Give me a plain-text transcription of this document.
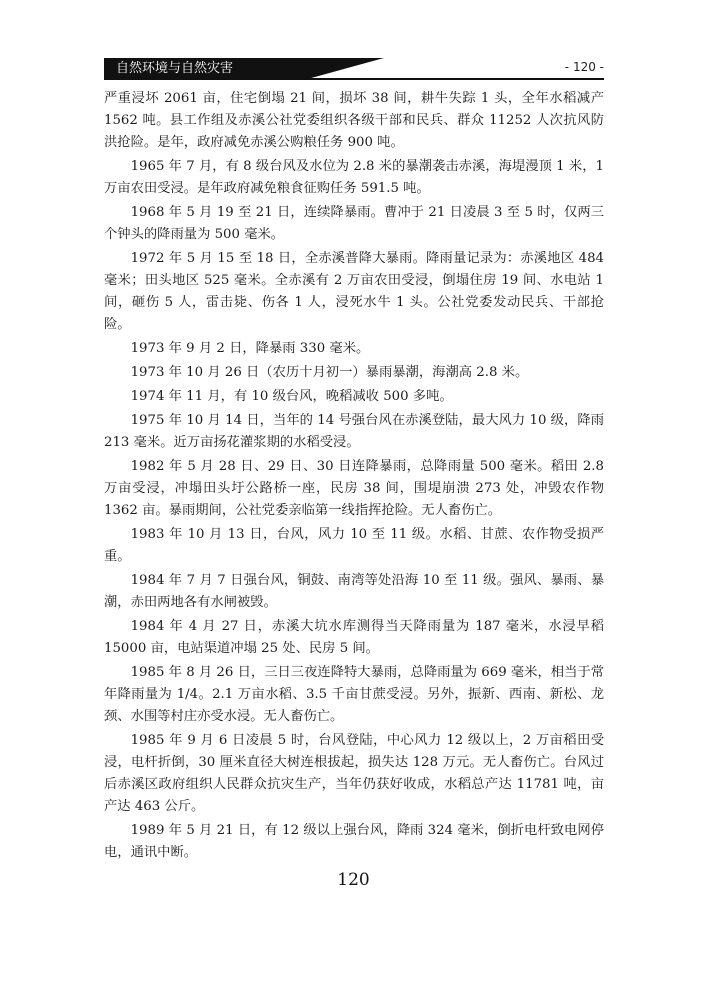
自然环境与自然灾害	- 120 -

严重浸坏 2061 亩，住宅倒塌 21 间，损坏 38 间，耕牛失踪 1 头，全年水稻减产 1562 吨。县工作组及赤溪公社党委组织各级干部和民兵、群众 11252 人次抗风防洪抢险。是年，政府减免赤溪公购粮任务 900 吨。

1965 年 7 月，有 8 级台风及水位为 2.8 米的暴潮袭击赤溪，海堤漫顶 1 米，1 万亩农田受浸。是年政府减免粮食征购任务 591.5 吨。

1968 年 5 月 19 至 21 日，连续降暴雨。曹冲于 21 日凌晨 3 至 5 时，仅两三个钟头的降雨量为 500 毫米。

1972 年 5 月 15 至 18 日，全赤溪普降大暴雨。降雨量记录为：赤溪地区 484 毫米；田头地区 525 毫米。全赤溪有 2 万亩农田受浸，倒塌住房 19 间、水电站 1 间，砸伤 5 人，雷击毙、伤各 1 人，浸死水牛 1 头。公社党委发动民兵、干部抢险。

1973 年 9 月 2 日，降暴雨 330 毫米。

1973 年 10 月 26 日（农历十月初一）暴雨暴潮，海潮高 2.8 米。

1974 年 11 月，有 10 级台风，晚稻减收 500 多吨。

1975 年 10 月 14 日，当年的 14 号强台风在赤溪登陆，最大风力 10 级，降雨 213 毫米。近万亩扬花灌浆期的水稻受浸。

1982 年 5 月 28 日、29 日、30 日连降暴雨，总降雨量 500 毫米。稻田 2.8 万亩受浸，冲塌田头圩公路桥一座，民房 38 间，围堤崩溃 273 处，冲毁农作物 1362 亩。暴雨期间，公社党委亲临第一线指挥抢险。无人畜伤亡。

1983 年 10 月 13 日，台风，风力 10 至 11 级。水稻、甘蔗、农作物受损严重。

1984 年 7 月 7 日强台风，铜鼓、南湾等处沿海 10 至 11 级。强风、暴雨、暴潮，赤田两地各有水闸被毁。

1984 年 4 月 27 日，赤溪大坑水库测得当天降雨量为 187 毫米，水浸早稻 15000 亩，电站渠道冲塌 25 处、民房 5 间。

1985 年 8 月 26 日，三日三夜连降特大暴雨，总降雨量为 669 毫米，相当于常年降雨量为 1/4。2.1 万亩水稻、3.5 千亩甘蔗受浸。另外，振新、西南、新松、龙颈、水围等村庄亦受水浸。无人畜伤亡。

1985 年 9 月 6 日凌晨 5 时，台风登陆，中心风力 12 级以上，2 万亩稻田受浸，电杆折倒，30 厘米直径大树连根拔起，损失达 128 万元。无人畜伤亡。台风过后赤溪区政府组织人民群众抗灾生产，当年仍获好收成，水稻总产达 11781 吨，亩产达 463 公斤。

1989 年 5 月 21 日，有 12 级以上强台风，降雨 324 毫米，倒折电杆致电网停电，通讯中断。

120
